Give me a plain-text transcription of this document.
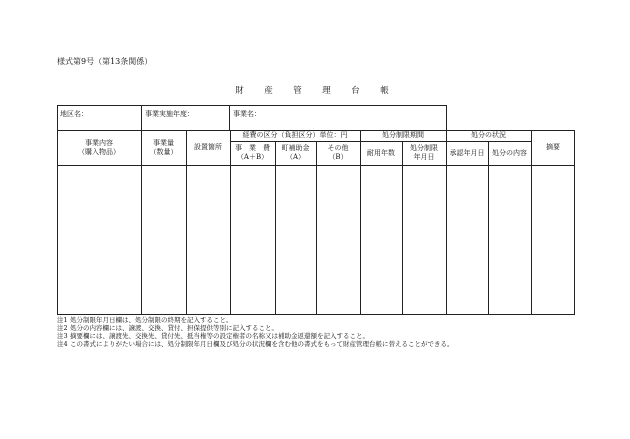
様式第9号（第13条関係）
財　産　管　理　台　帳
地区名：	事業実施年度：	事業名：
事業内容
（購入物品）
事業量
（数量）
設置箇所
経費の区分（負担区分）単位：円
事　業　費
（A＋B）
町補助金
（A）
その他
（B）
処分制限期間
耐用年数
処分制限
年月日
処分の状況
承認年月日 処分の内容
摘要
注1 処分制限年月日欄は、処分制限の終期を記入すること。
注2 処分の内容欄には、譲渡、交換、貸付、担保提供等別に記入すること。
注3 摘要欄には、譲渡先、交換先、貸付先、抵当権等の設定権者の名称又は補助金返還額を記入すること。
注4 この書式によりがたい場合には、処分制限年月日欄及び処分の状況欄を含む他の書式をもって財産管理台帳に替えることができる。
